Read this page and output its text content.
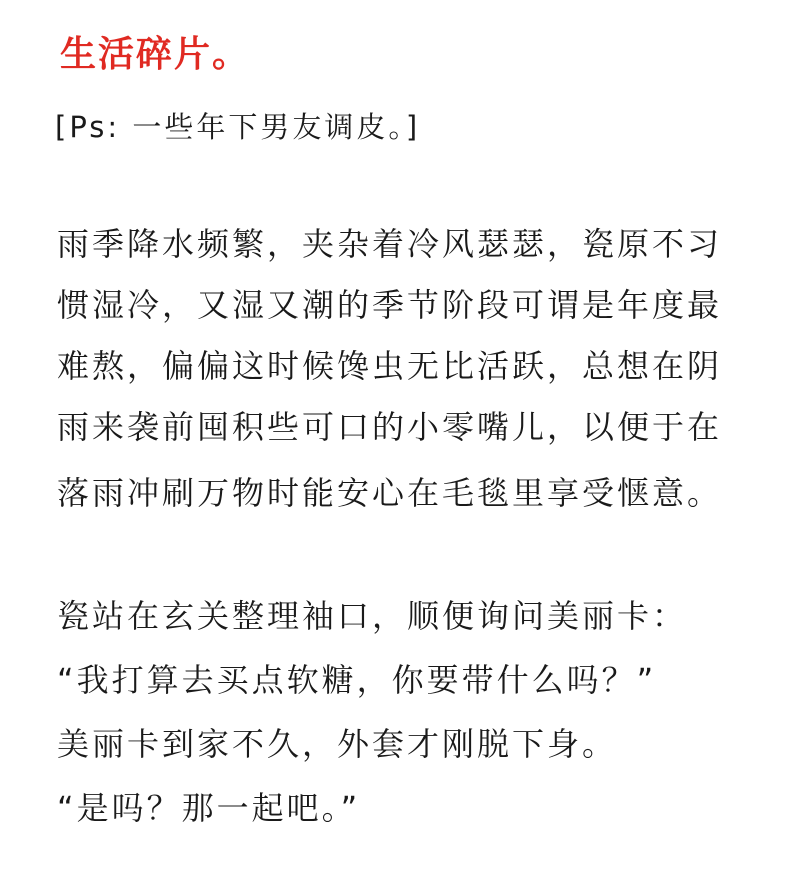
生活碎片。
[Ps: 一些年下男友调皮。]
雨季降水频繁，夹杂着冷风瑟瑟，瓷原不习
惯湿冷，又湿又潮的季节阶段可谓是年度最
难熬，偏偏这时候馋虫无比活跃，总想在阴
雨来袭前囤积些可口的小零嘴儿，以便于在
落雨冲刷万物时能安心在毛毯里享受惬意。
瓷站在玄关整理袖口，顺便询问美丽卡：
“我打算去买点软糖，你要带什么吗？”
美丽卡到家不久，外套才刚脱下身。
“是吗？那一起吧。”
